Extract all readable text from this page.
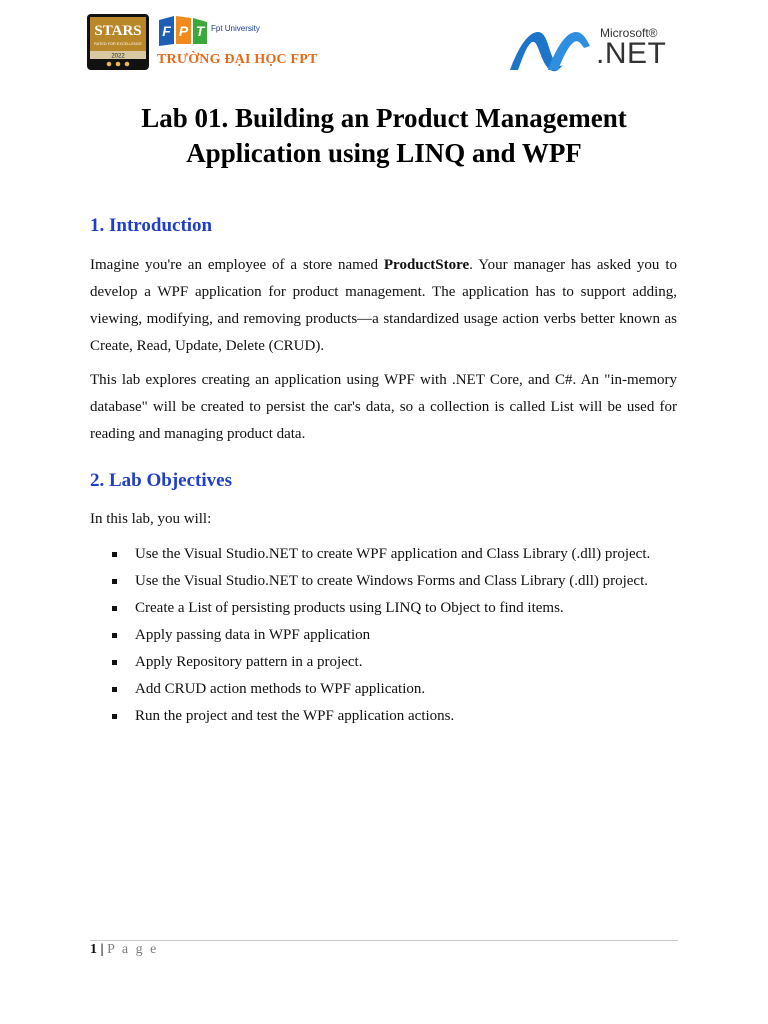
STARS
RATED FOR EXCELLENCE
2022
F P T Fpt University
TRƯỜNG ĐẠI HỌC FPT
Microsoft®
.NET
Lab 01. Building an Product Management
Application using LINQ and WPF
1. Introduction

Imagine you're an employee of a store named ProductStore. Your manager has asked you to develop a WPF application for product management. The application has to support adding, viewing, modifying, and removing products—a standardized usage action verbs better known as Create, Read, Update, Delete (CRUD).

This lab explores creating an application using WPF with .NET Core, and C#. An "in-memory database" will be created to persist the car's data, so a collection is called List will be used for reading and managing product data.

2. Lab Objectives

In this lab, you will:

Use the Visual Studio.NET to create WPF application and Class Library (.dll) project.
Use the Visual Studio.NET to create Windows Forms and Class Library (.dll) project.
Create a List of persisting products using LINQ to Object to find items.
Apply passing data in WPF application
Apply Repository pattern in a project.
Add CRUD action methods to WPF application.
Run the project and test the WPF application actions.
1 | P a g e
